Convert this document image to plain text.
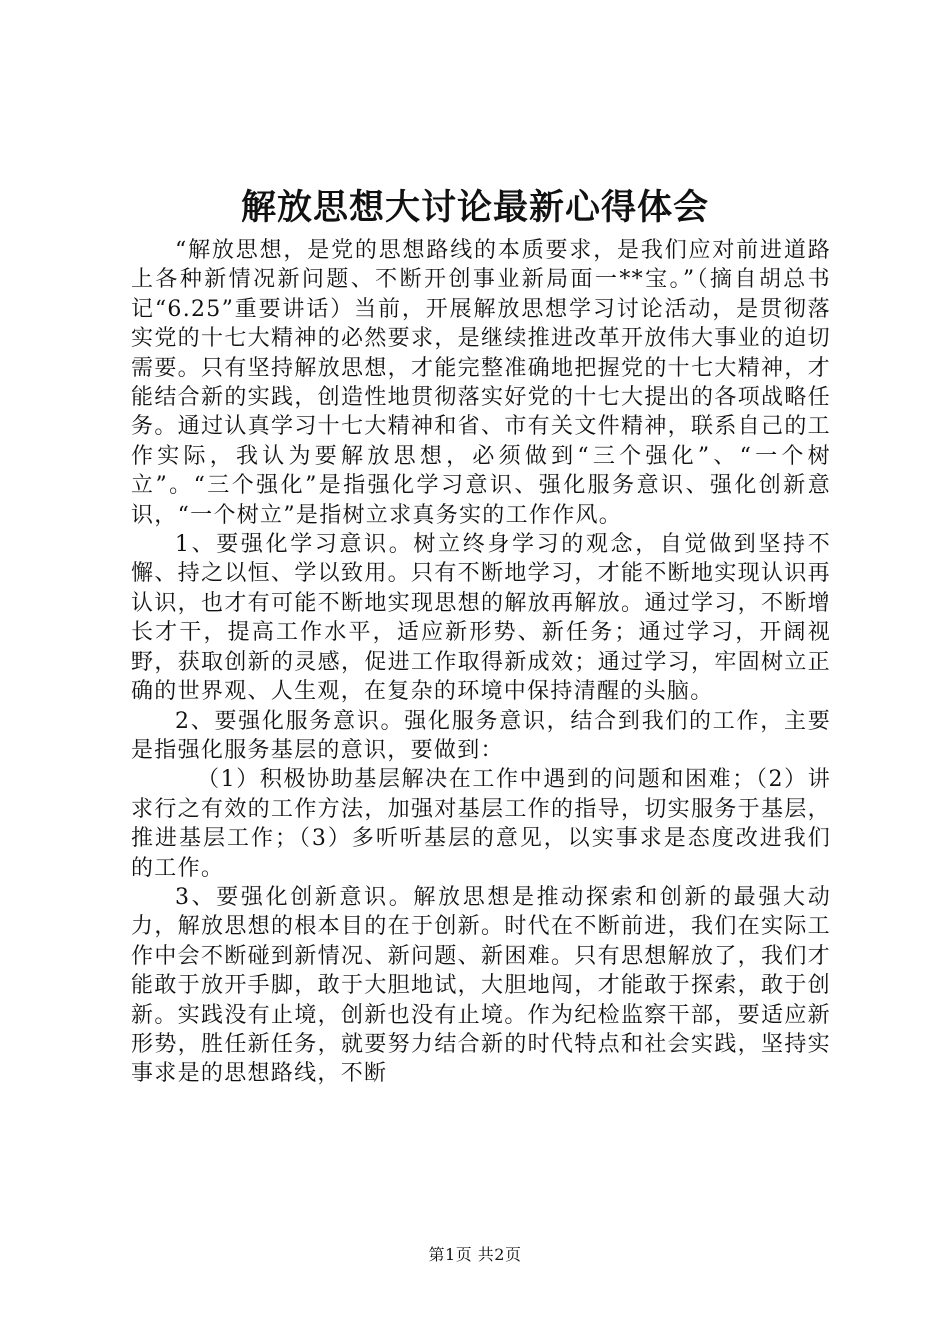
解放思想大讨论最新心得体会

“解放思想，是党的思想路线的本质要求，是我们应对前进道路上各种新情况新问题、不断开创事业新局面一**宝。”（摘自胡总书记“6.25”重要讲话）当前，开展解放思想学习讨论活动，是贯彻落实党的十七大精神的必然要求，是继续推进改革开放伟大事业的迫切需要。只有坚持解放思想，才能完整准确地把握党的十七大精神，才能结合新的实践，创造性地贯彻落实好党的十七大提出的各项战略任务。通过认真学习十七大精神和省、市有关文件精神，联系自己的工作实际，我认为要解放思想，必须做到“三个强化”、“一个树立”。“三个强化”是指强化学习意识、强化服务意识、强化创新意识，“一个树立”是指树立求真务实的工作作风。

1、要强化学习意识。树立终身学习的观念，自觉做到坚持不懈、持之以恒、学以致用。只有不断地学习，才能不断地实现认识再认识，也才有可能不断地实现思想的解放再解放。通过学习，不断增长才干，提高工作水平，适应新形势、新任务；通过学习，开阔视野，获取创新的灵感，促进工作取得新成效；通过学习，牢固树立正确的世界观、人生观，在复杂的环境中保持清醒的头脑。

2、要强化服务意识。强化服务意识，结合到我们的工作，主要是指强化服务基层的意识，要做到：

（1）积极协助基层解决在工作中遇到的问题和困难；（2）讲求行之有效的工作方法，加强对基层工作的指导，切实服务于基层，推进基层工作；（3）多听听基层的意见，以实事求是态度改进我们的工作。

3、要强化创新意识。解放思想是推动探索和创新的最强大动力，解放思想的根本目的在于创新。时代在不断前进，我们在实际工作中会不断碰到新情况、新问题、新困难。只有思想解放了，我们才能敢于放开手脚，敢于大胆地试，大胆地闯，才能敢于探索，敢于创新。实践没有止境，创新也没有止境。作为纪检监察干部，要适应新形势，胜任新任务，就要努力结合新的时代特点和社会实践，坚持实事求是的思想路线，不断

第1页 共2页
